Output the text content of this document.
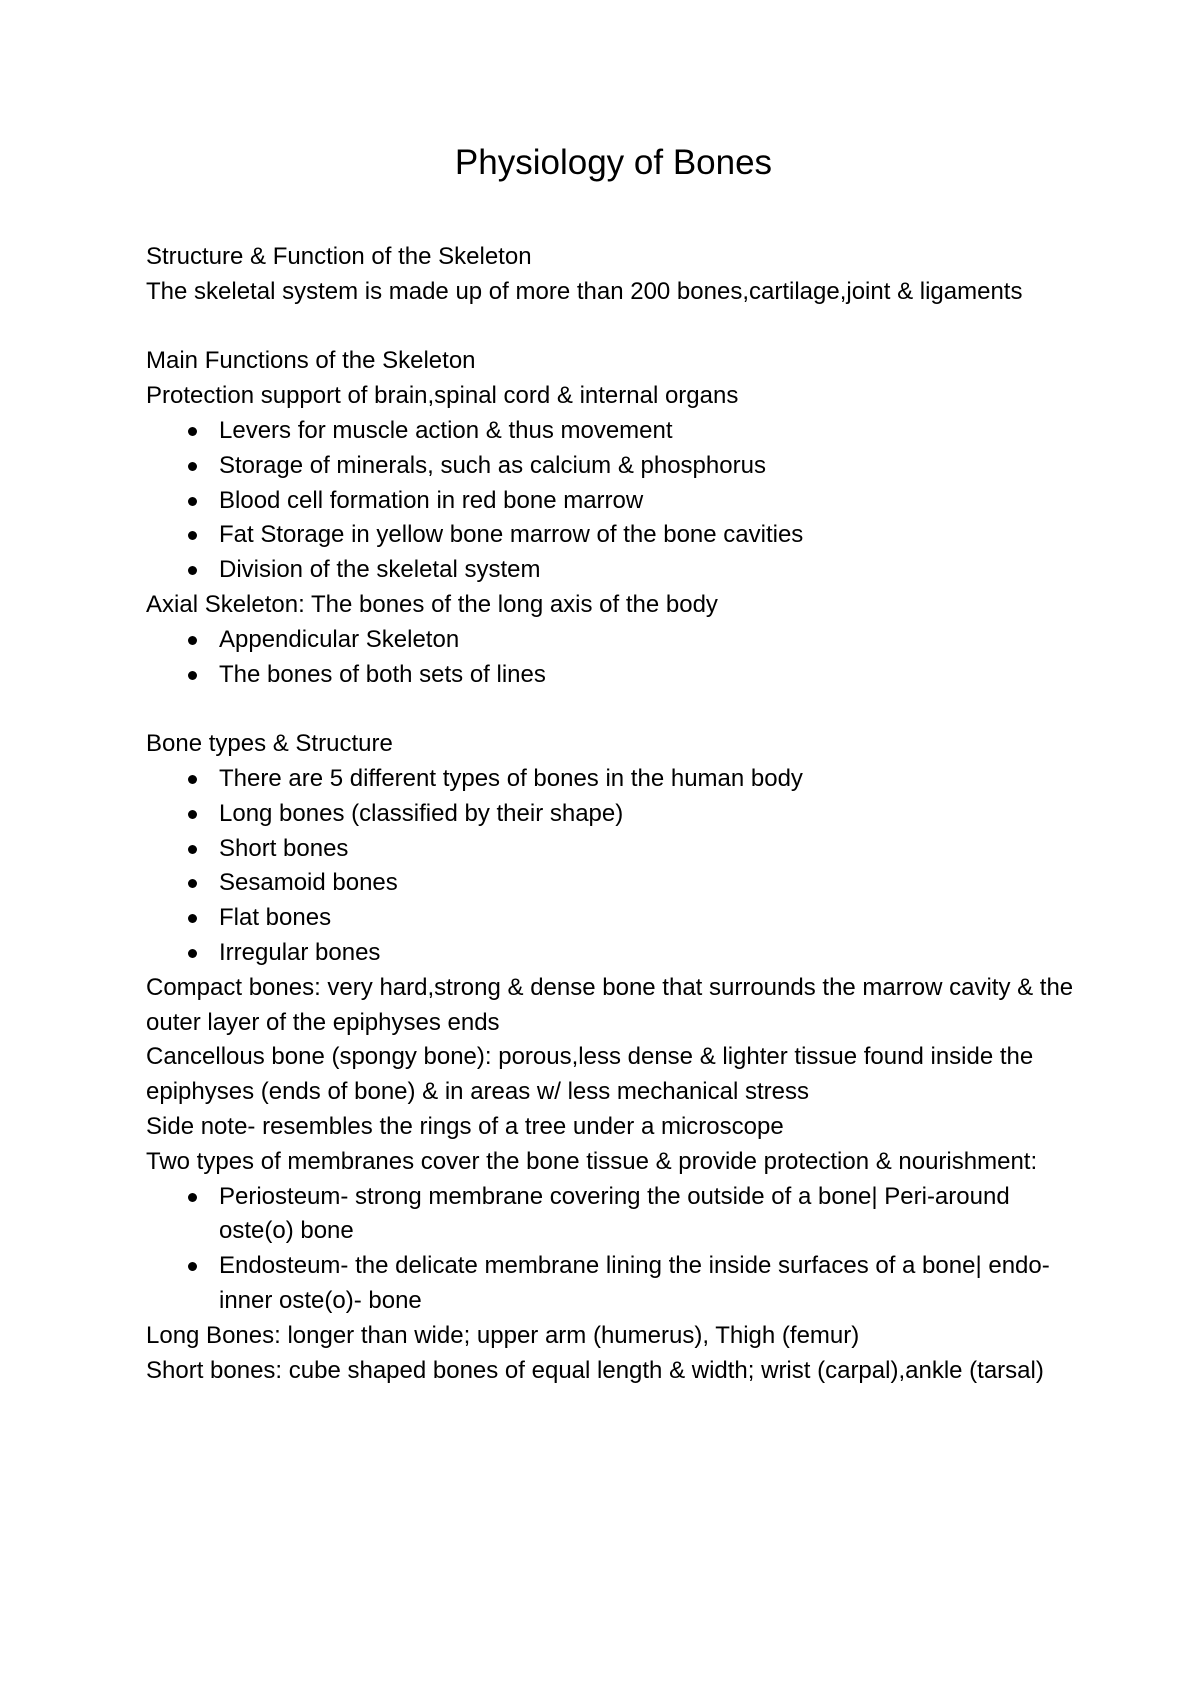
Physiology of Bones

Structure & Function of the Skeleton

The skeletal system is made up of more than 200 bones,cartilage,joint & ligaments

Main Functions of the Skeleton

Protection support of brain,spinal cord & internal organs

Levers for muscle action & thus movement
Storage of minerals, such as calcium & phosphorus
Blood cell formation in red bone marrow
Fat Storage in yellow bone marrow of the bone cavities
Division of the skeletal system

Axial Skeleton: The bones of the long axis of the body

Appendicular Skeleton
The bones of both sets of lines

Bone types & Structure

There are 5 different types of bones in the human body
Long bones (classified by their shape)
Short bones
Sesamoid bones
Flat bones
Irregular bones

Compact bones: very hard,strong & dense bone that surrounds the marrow cavity & the outer layer of the epiphyses ends

Cancellous bone (spongy bone): porous,less dense & lighter tissue found inside the epiphyses (ends of bone) & in areas w/ less mechanical stress

Side note- resembles the rings of a tree under a microscope

Two types of membranes cover the bone tissue & provide protection & nourishment:

Periosteum- strong membrane covering the outside of a bone| Peri-around oste(o) bone
Endosteum- the delicate membrane lining the inside surfaces of a bone| endo-inner oste(o)- bone

Long Bones: longer than wide; upper arm (humerus), Thigh (femur)

Short bones: cube shaped bones of equal length & width; wrist (carpal),ankle (tarsal)
